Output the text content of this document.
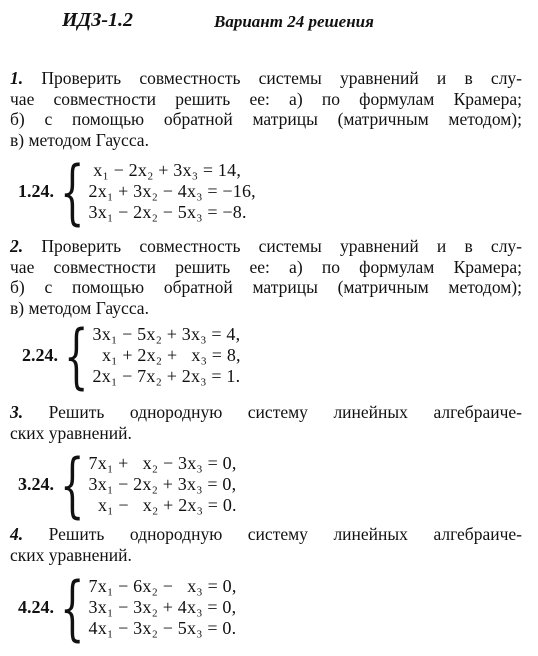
ИДЗ-1.2	Вариант 24 решения

1. Проверить совместность системы уравнений и в слу-
чае совместности решить ее: а) по формулам Крамера;
б) с помощью обратной матрицы (матричным методом);
в) методом Гаусса.

1.24. { x₁ − 2x₂ + 3x₃ = 14,
2x₁ + 3x₂ − 4x₃ = −16,
3x₁ − 2x₂ − 5x₃ = −8.

2. Проверить совместность системы уравнений и в слу-
чае совместности решить ее: а) по формулам Крамера;
б) с помощью обратной матрицы (матричным методом);
в) методом Гаусса.

2.24. { 3x₁ − 5x₂ + 3x₃ = 4,
x₁ + 2x₂ +   x₃ = 8,
2x₁ − 7x₂ + 2x₃ = 1.

3. Решить однородную систему линейных алгебраиче-
ских уравнений.

3.24. { 7x₁ +   x₂ − 3x₃ = 0,
3x₁ − 2x₂ + 3x₃ = 0,
x₁ −   x₂ + 2x₃ = 0.

4. Решить однородную систему линейных алгебраиче-
ских уравнений.

4.24. { 7x₁ − 6x₂ −   x₃ = 0,
3x₁ − 3x₂ + 4x₃ = 0,
4x₁ − 3x₂ − 5x₃ = 0.
